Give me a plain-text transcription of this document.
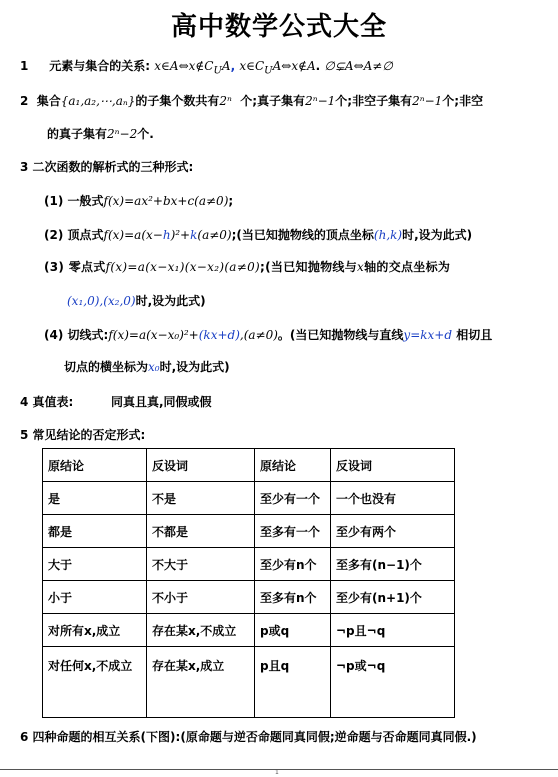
高中数学公式大全
1 元素与集合的关系: $x\in A\Leftrightarrow x\notin C_UA$, $x\in C_UA\Leftrightarrow x\notin A$. ∅⊊A⇔A≠∅
2 集合{a₁,a₂,⋯,aₙ}的子集个数共有2ⁿ 个;真子集有2ⁿ−1个;非空子集有2ⁿ−1个;非空
的真子集有2ⁿ−2个.
3 二次函数的解析式的三种形式:
(1) 一般式f(x)=ax²+bx+c(a≠0);
(2) 顶点式f(x)=a(x−h)²+k(a≠0);(当已知抛物线的顶点坐标(h,k)时,设为此式)
(3) 零点式f(x)=a(x−x₁)(x−x₂)(a≠0);(当已知抛物线与x轴的交点坐标为
(x₁,0),(x₂,0)时,设为此式)
(4) 切线式:f(x)=a(x−x₀)²+(kx+d),(a≠0)。(当已知抛物线与直线y=kx+d 相切且
切点的横坐标为x₀时,设为此式)
4 真值表:	同真且真,同假或假
5 常见结论的否定形式:
原结论	反设词	原结论	反设词
是	不是	至少有一个	一个也没有
都是	不都是	至多有一个	至少有两个
大于	不大于	至少有n个	至多有(n−1)个
小于	不小于	至多有n个	至少有(n+1)个
对所有x,成立	存在某x,不成立	p或q	¬p且¬q
对任何x,不成立	存在某x,成立	p且q	¬p或¬q
6 四种命题的相互关系(下图):(原命题与逆否命题同真同假;逆命题与否命题同真同假.)
1
